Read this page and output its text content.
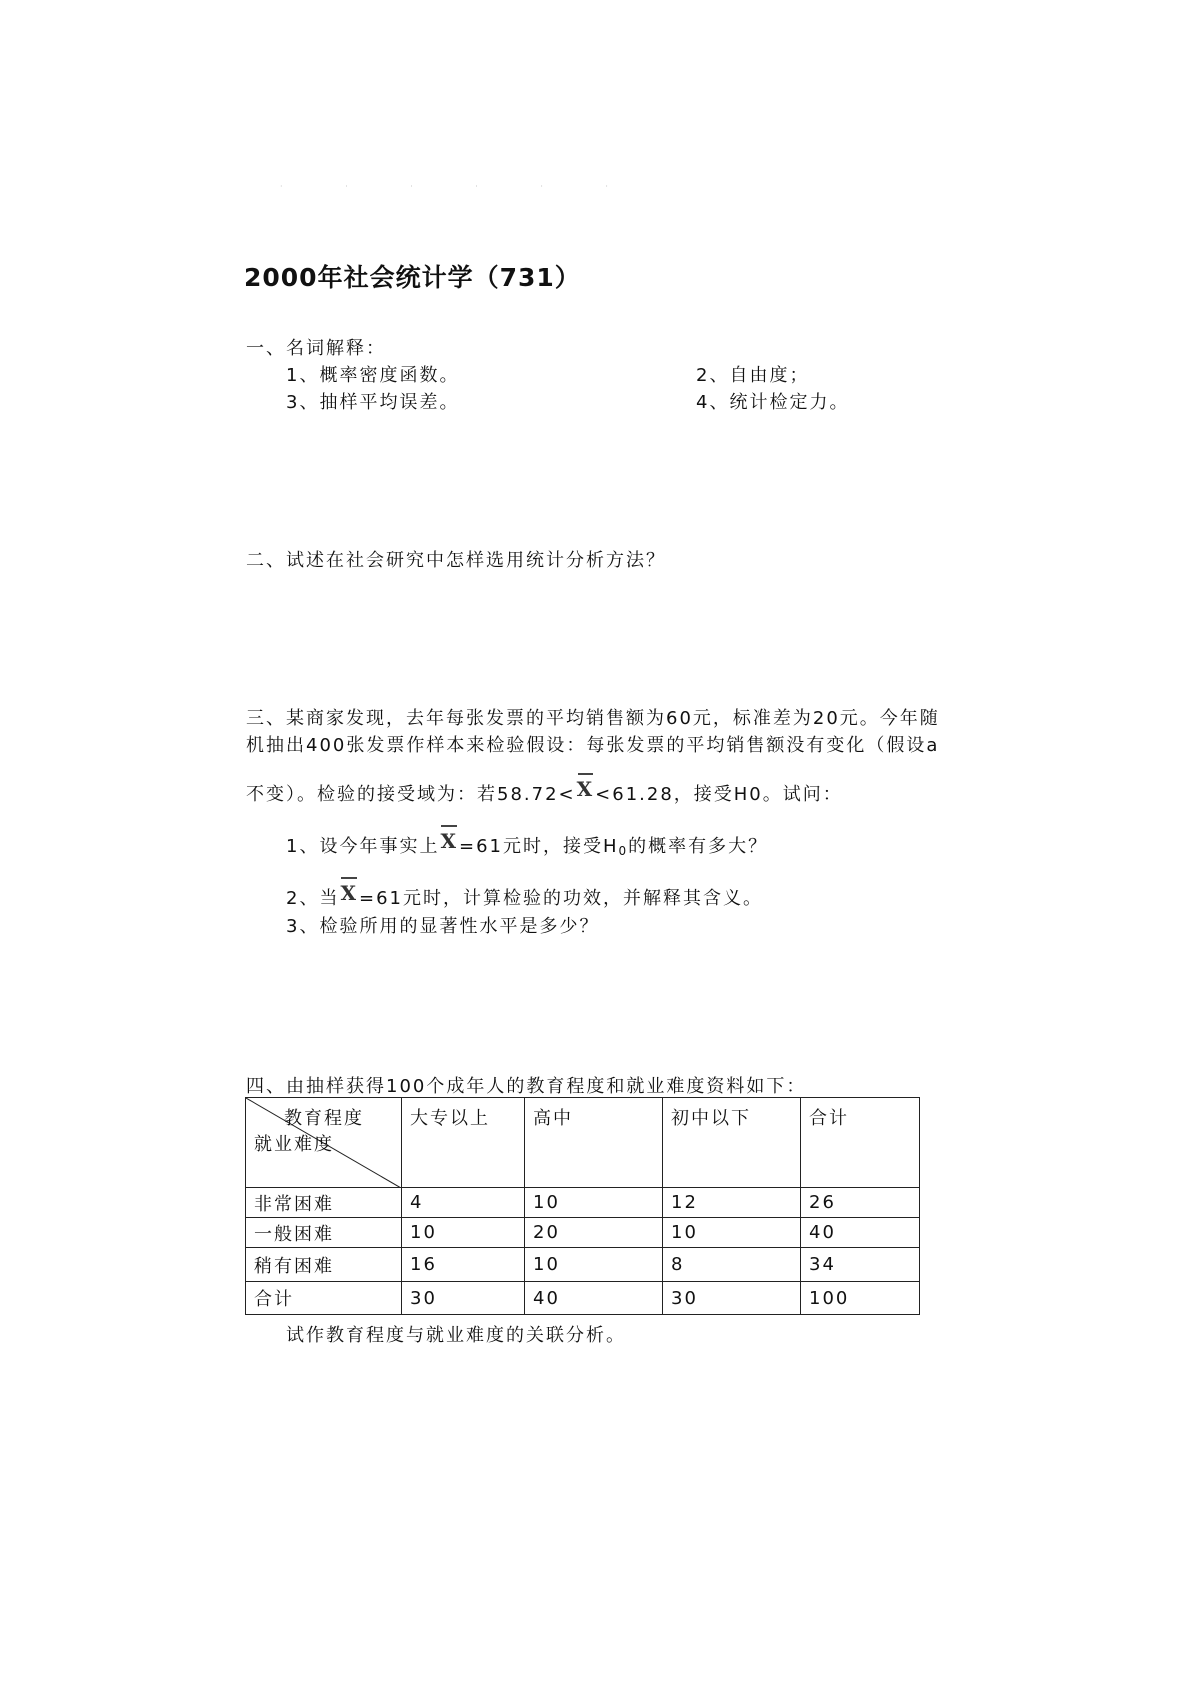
· · · · · ·
2000年社会统计学（731）
一、名词解释：
1、概率密度函数。	2、自由度；
3、抽样平均误差。	4、统计检定力。
二、试述在社会研究中怎样选用统计分析方法？
三、某商家发现，去年每张发票的平均销售额为60元，标准差为20元。今年随
机抽出400张发票作样本来检验假设：每张发票的平均销售额没有变化（假设a
不变）。检验的接受域为：若58.72<X<61.28，接受H0。试问：
1、设今年事实上X=61元时，接受$H_0$的概率有多大？
2、当X=61元时，计算检验的功效，并解释其含义。
3、检验所用的显著性水平是多少？
四、由抽样获得100个成年人的教育程度和就业难度资料如下：
教育程度
就业难度	大专以上	高中	初中以下	合计
非常困难	4	10	12	26
一般困难	10	20	10	40
稍有困难	16	10	8	34
合计	30	40	30	100
试作教育程度与就业难度的关联分析。
